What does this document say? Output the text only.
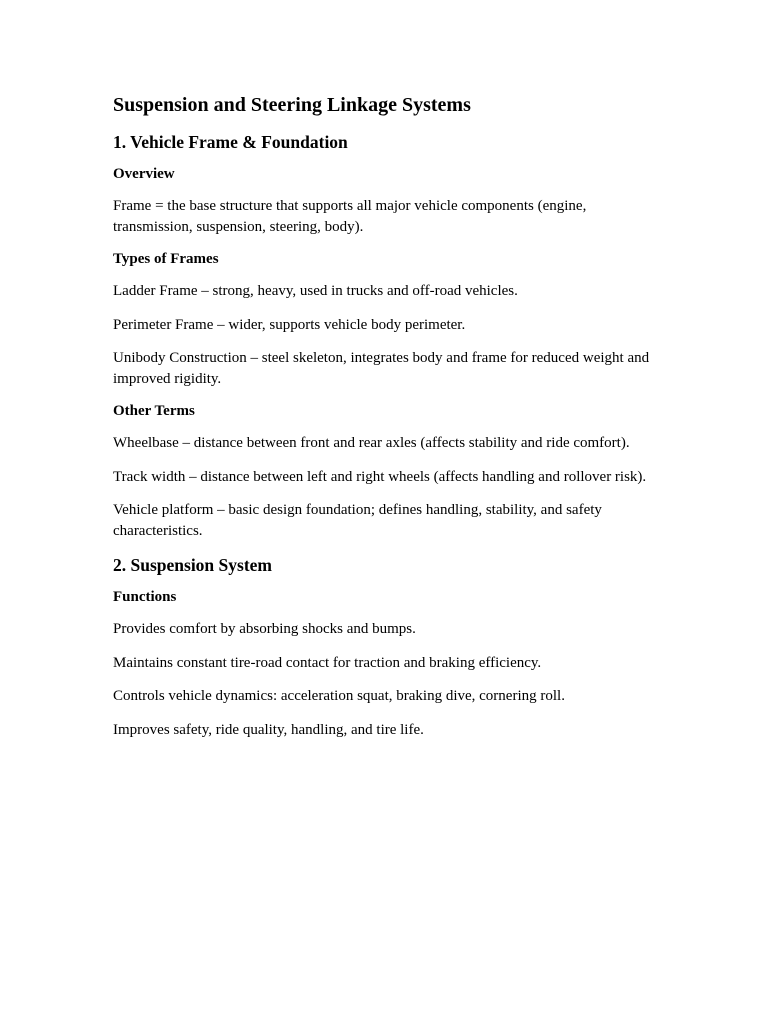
Suspension and Steering Linkage Systems
1. Vehicle Frame & Foundation
Overview

Frame = the base structure that supports all major vehicle components (engine, transmission, suspension, steering, body).

Types of Frames

Ladder Frame – strong, heavy, used in trucks and off-road vehicles.

Perimeter Frame – wider, supports vehicle body perimeter.

Unibody Construction – steel skeleton, integrates body and frame for reduced weight and improved rigidity.

Other Terms

Wheelbase – distance between front and rear axles (affects stability and ride comfort).

Track width – distance between left and right wheels (affects handling and rollover risk).

Vehicle platform – basic design foundation; defines handling, stability, and safety characteristics.

2. Suspension System
Functions

Provides comfort by absorbing shocks and bumps.

Maintains constant tire-road contact for traction and braking efficiency.

Controls vehicle dynamics: acceleration squat, braking dive, cornering roll.

Improves safety, ride quality, handling, and tire life.
